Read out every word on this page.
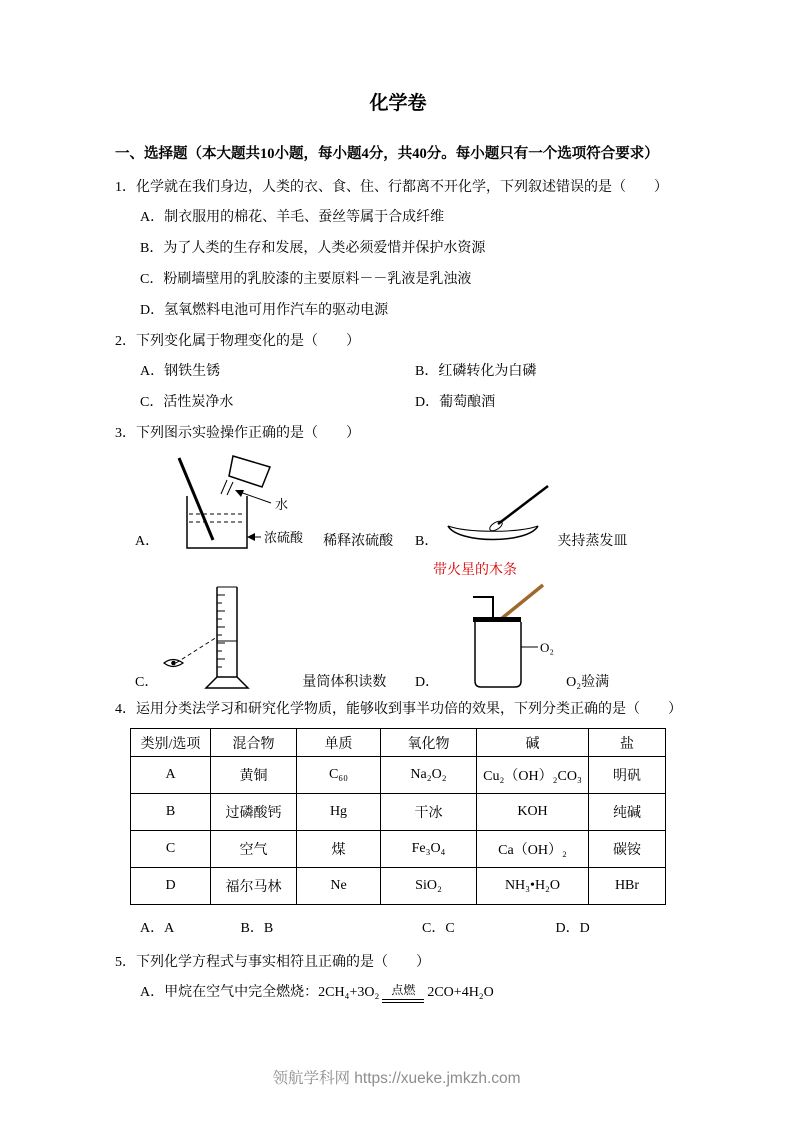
化学卷
一、选择题（本大题共10小题，每小题4分，共40分。每小题只有一个选项符合要求）
1．化学就在我们身边，人类的衣、食、住、行都离不开化学，下列叙述错误的是（　　）
A．制衣服用的棉花、羊毛、蚕丝等属于合成纤维
B．为了人类的生存和发展，人类必须爱惜并保护水资源
C．粉刷墙壁用的乳胶漆的主要原料－－乳液是乳浊液
D．氢氧燃料电池可用作汽车的驱动电源
2．下列变化属于物理变化的是（　　）
A．钢铁生锈	B．红磷转化为白磷
C．活性炭净水	D．葡萄酿酒
3．下列图示实验操作正确的是（　　）
A．
水
浓硫酸 稀释浓硫酸 B．	夹持蒸发皿
带火星的木条
C．	量筒体积读数 D．
O₂
O₂验满
4．运用分类法学习和研究化学物质，能够收到事半功倍的效果，下列分类正确的是（　　）
类别/选项	混合物	单质	氧化物	碱	盐
A	黄铜	C₆₀	Na₂O₂	Cu₂（OH）₂CO₃	明矾
B	过磷酸钙	Hg	干冰	KOH	纯碱
C	空气	煤	Fe₃O₄	Ca（OH）₂	碳铵
D	福尔马林	Ne	SiO₂	NH₃•H₂O	HBr
A．A	B．B	C．C	D．D
5．下列化学方程式与事实相符且正确的是（　　）
A．甲烷在空气中完全燃烧：2CH₄+3O₂	点燃 2CO+4H₂O
领航学科网 https://xueke.jmkzh.com
